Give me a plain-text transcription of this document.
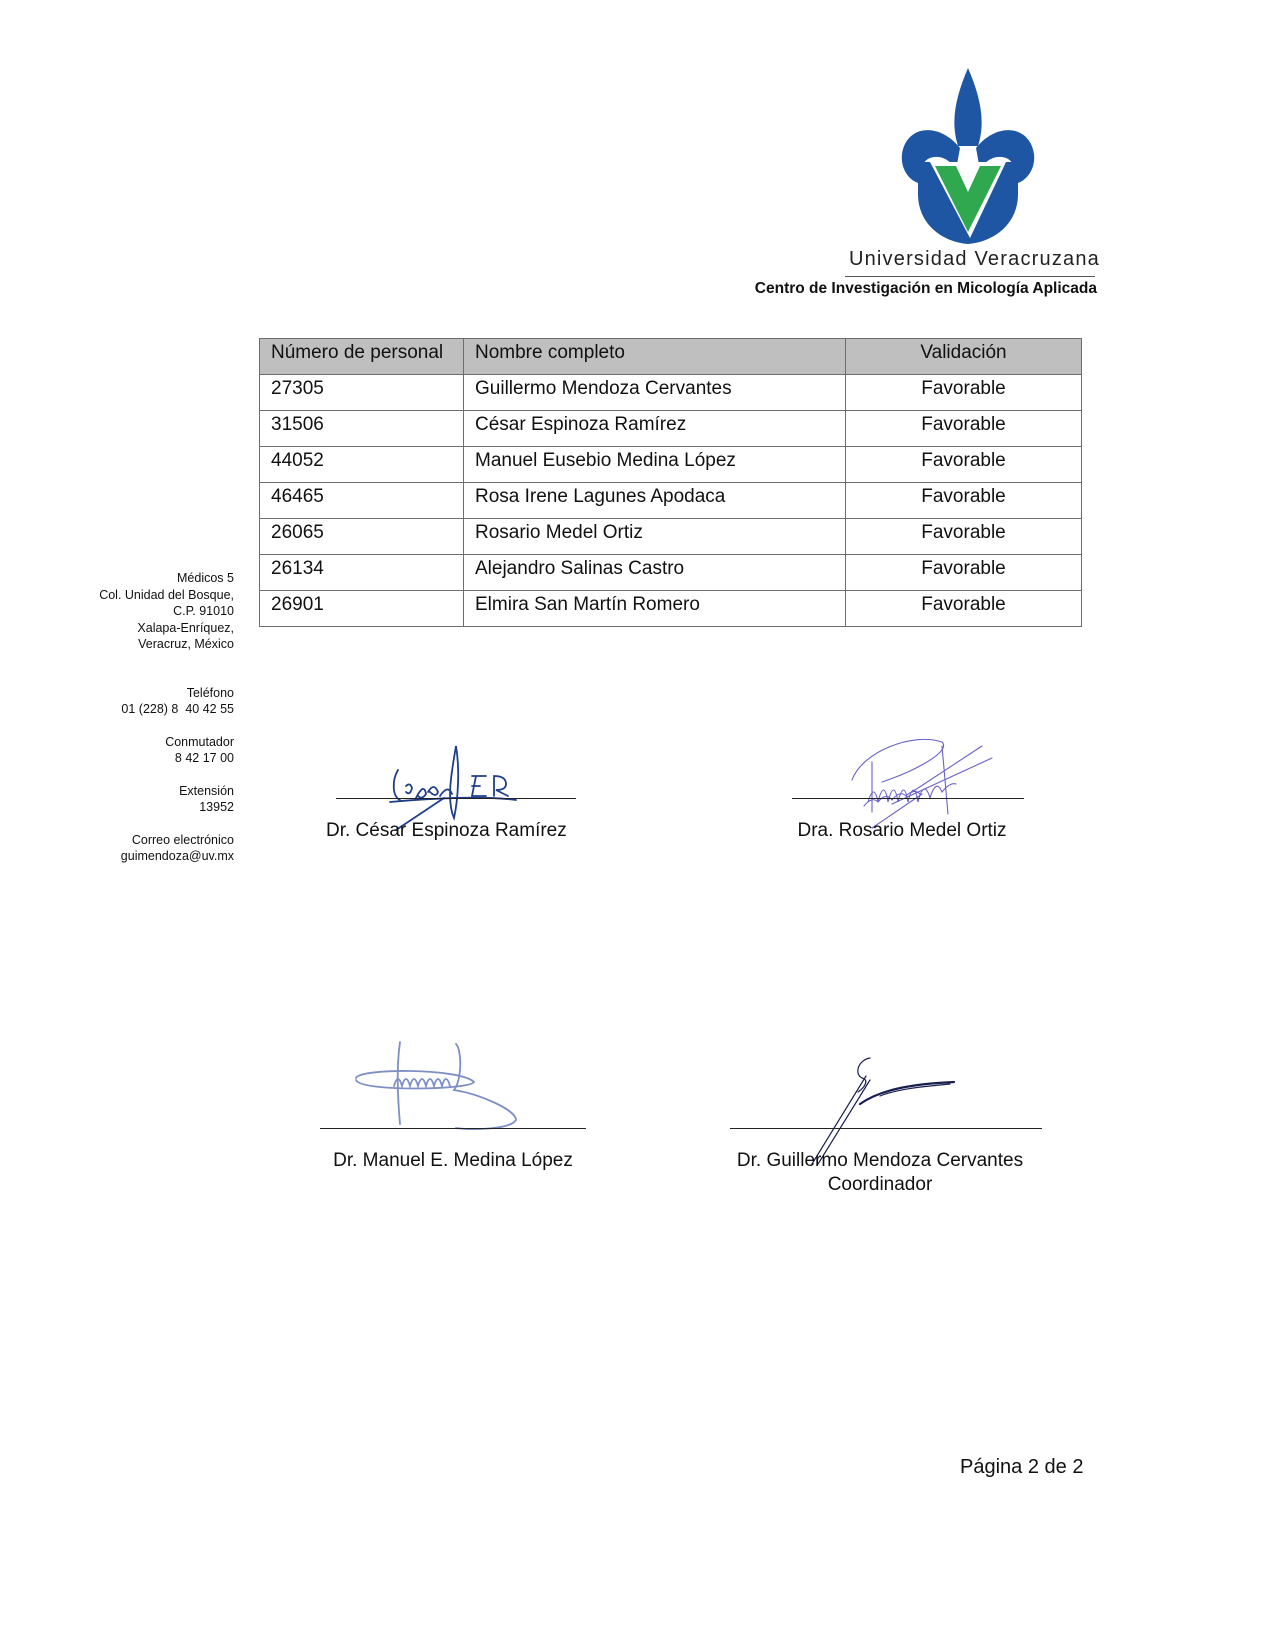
Universidad Veracruzana
Centro de Investigación en Micología Aplicada
Número de personal	Nombre completo	Validación
27305	Guillermo Mendoza Cervantes	Favorable
31506	César Espinoza Ramírez	Favorable
44052	Manuel Eusebio Medina López	Favorable
46465	Rosa Irene Lagunes Apodaca	Favorable
26065	Rosario Medel Ortiz	Favorable
26134	Alejandro Salinas Castro	Favorable
26901	Elmira San Martín Romero	Favorable
Médicos 5
Col. Unidad del Bosque,
C.P. 91010
Xalapa-Enríquez,
Veracruz, México
Teléfono
01 (228) 8  40 42 55
Conmutador
8 42 17 00
Extensión
13952
Correo electrónico
guimendoza@uv.mx
Dr. César Espinoza Ramírez	Dra. Rosario Medel Ortiz
Dr. Manuel E. Medina López	Dr. Guillermo Mendoza Cervantes
Coordinador
Página 2 de 2
